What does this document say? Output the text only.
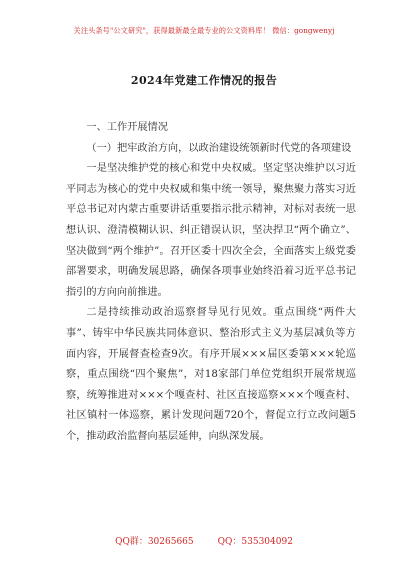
关注头条号"公文研究"，获得最新最全最专业的公文资料库！ 微信：gongwenyj
2024年党建工作情况的报告

一、工作开展情况

（一）把牢政治方向，以政治建设统领新时代党的各项建设

一是坚决维护党的核心和党中央权威。坚定坚决维护以习近平同志为核心的党中央权威和集中统一领导，聚焦聚力落实习近平总书记对内蒙古重要讲话重要指示批示精神，对标对表统一思想认识、澄清模糊认识、纠正错误认识，坚决捍卫“两个确立”、坚决做到“两个维护”。召开区委十四次全会，全面落实上级党委部署要求，明确发展思路，确保各项事业始终沿着习近平总书记指引的方向向前推进。

二是持续推动政治巡察督导见行见效。重点围绕“两件大事”、铸牢中华民族共同体意识、整治形式主义为基层减负等方面内容，开展督查检查9次。有序开展×××届区委第×××轮巡察，重点围绕“四个聚焦”，对18家部门单位党组织开展常规巡察，统筹推进对×××个嘎查村、社区直接巡察×××个嘎查村、社区镇村一体巡察，累计发现问题720个，督促立行立改问题5个，推动政治监督向基层延伸，向纵深发展。

QQ群：30265665	QQ：535304092
